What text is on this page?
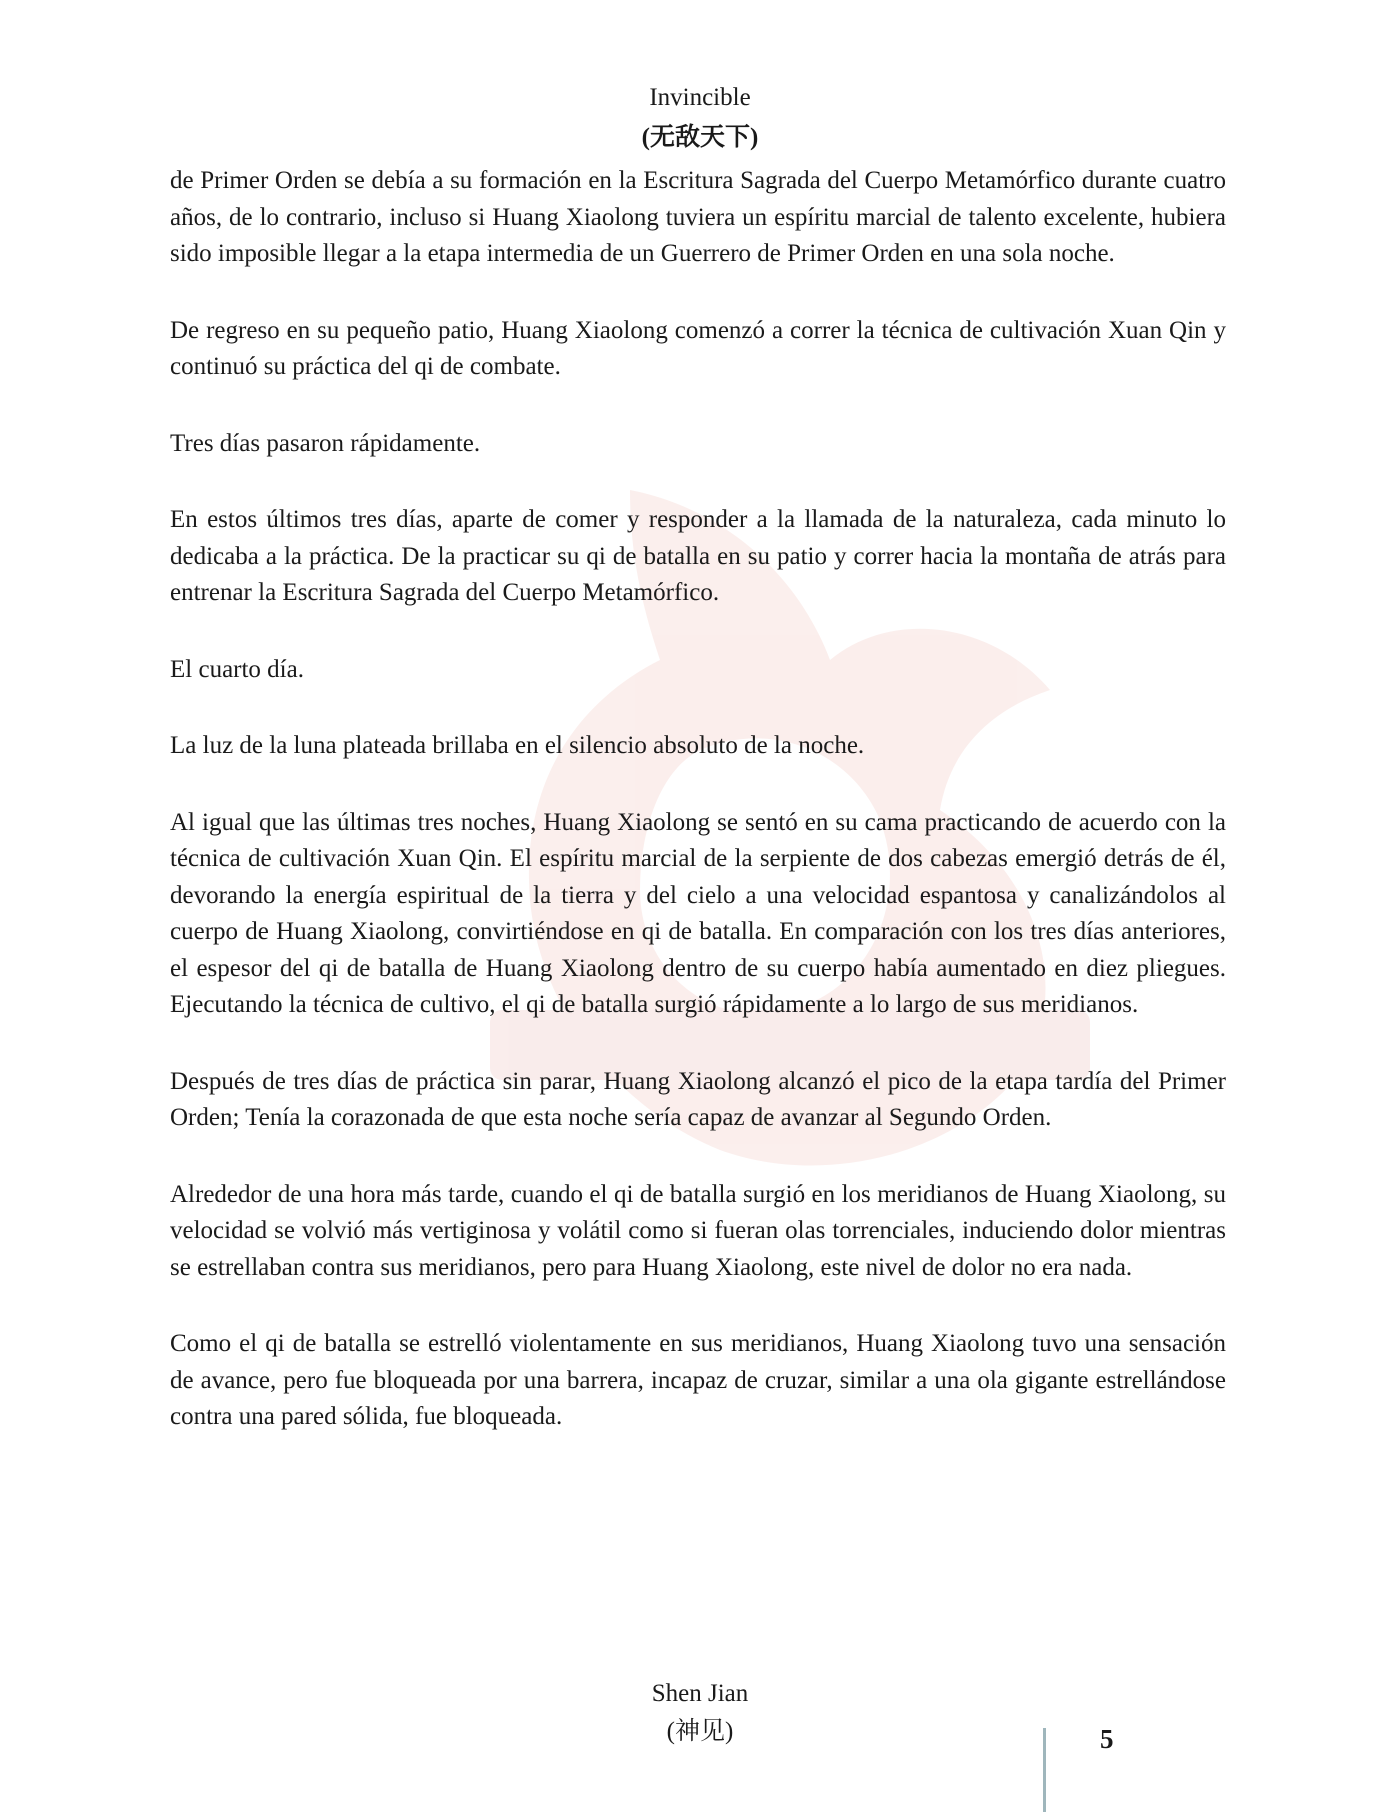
Invincible
(无敌天下)

de Primer Orden se debía a su formación en la Escritura Sagrada del Cuerpo Metamórfico durante cuatro años, de lo contrario, incluso si Huang Xiaolong tuviera un espíritu marcial de talento excelente, hubiera sido imposible llegar a la etapa intermedia de un Guerrero de Primer Orden en una sola noche.

De regreso en su pequeño patio, Huang Xiaolong comenzó a correr la técnica de cultivación Xuan Qin y continuó su práctica del qi de combate.

Tres días pasaron rápidamente.

En estos últimos tres días, aparte de comer y responder a la llamada de la naturaleza, cada minuto lo dedicaba a la práctica. De la practicar su qi de batalla en su patio y correr hacia la montaña de atrás para entrenar la Escritura Sagrada del Cuerpo Metamórfico.

El cuarto día.

La luz de la luna plateada brillaba en el silencio absoluto de la noche.

Al igual que las últimas tres noches, Huang Xiaolong se sentó en su cama practicando de acuerdo con la técnica de cultivación Xuan Qin. El espíritu marcial de la serpiente de dos cabezas emergió detrás de él, devorando la energía espiritual de la tierra y del cielo a una velocidad espantosa y canalizándolos al cuerpo de Huang Xiaolong, convirtiéndose en qi de batalla. En comparación con los tres días anteriores, el espesor del qi de batalla de Huang Xiaolong dentro de su cuerpo había aumentado en diez pliegues. Ejecutando la técnica de cultivo, el qi de batalla surgió rápidamente a lo largo de sus meridianos.

Después de tres días de práctica sin parar, Huang Xiaolong alcanzó el pico de la etapa tardía del Primer Orden; Tenía la corazonada de que esta noche sería capaz de avanzar al Segundo Orden.

Alrededor de una hora más tarde, cuando el qi de batalla surgió en los meridianos de Huang Xiaolong, su velocidad se volvió más vertiginosa y volátil como si fueran olas torrenciales, induciendo dolor mientras se estrellaban contra sus meridianos, pero para Huang Xiaolong, este nivel de dolor no era nada.

Como el qi de batalla se estrelló violentamente en sus meridianos, Huang Xiaolong tuvo una sensación de avance, pero fue bloqueada por una barrera, incapaz de cruzar, similar a una ola gigante estrellándose contra una pared sólida, fue bloqueada.

Shen Jian
(神见)	5
